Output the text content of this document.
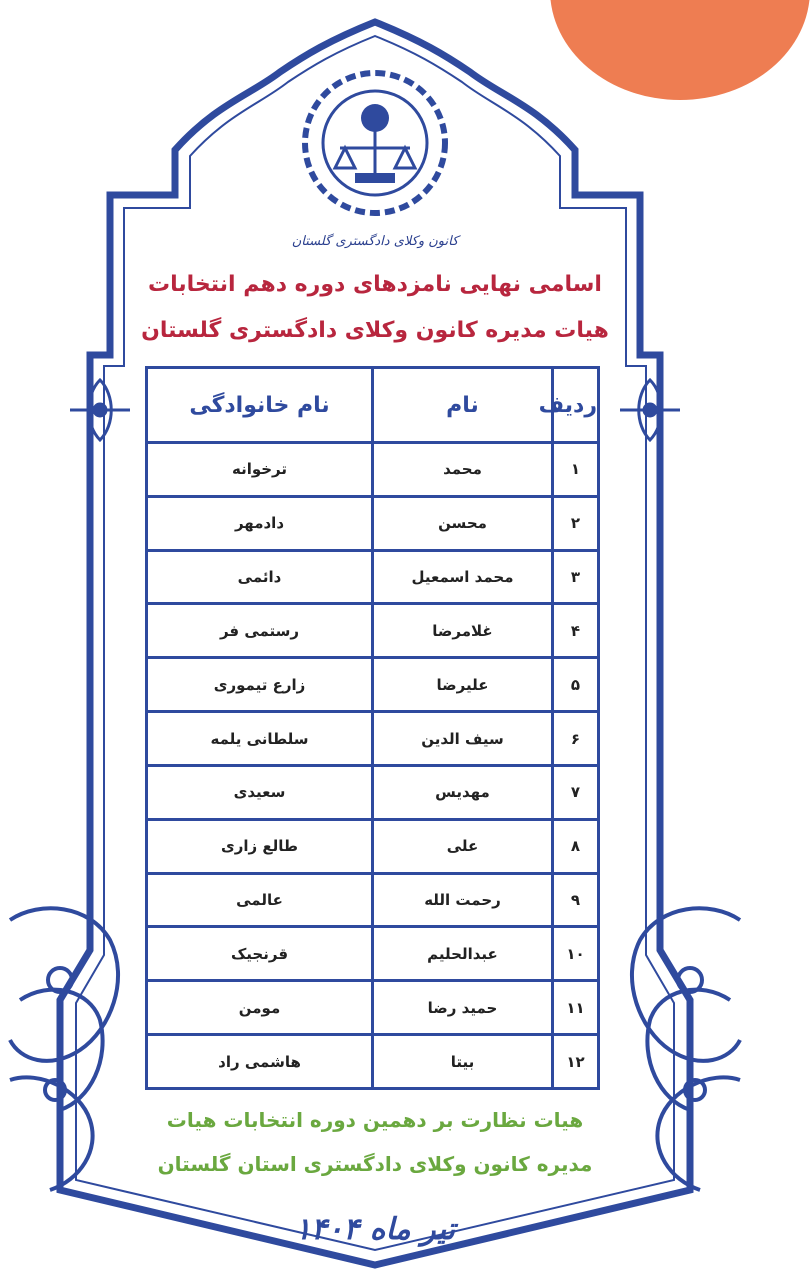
کانون وکلای دادگستری گلستان
اسامی نهایی نامزدهای دوره دهم انتخابات
هیات مدیره کانون وکلای دادگستری گلستان
ردیف	نام	نام خانوادگی
۱	محمد	ترخوانه
۲	محسن	دادمهر
۳	محمد اسمعیل	دائمی
۴	غلامرضا	رستمی فر
۵	علیرضا	زارع تیموری
۶	سیف الدین	سلطانی یلمه
۷	مهدیس	سعیدی
۸	علی	طالع زاری
۹	رحمت الله	عالمی
۱۰	عبدالحلیم	قرنجیک
۱۱	حمید رضا	مومن
۱۲	بیتا	هاشمی راد
هیات نظارت بر دهمین دوره انتخابات هیات
مدیره کانون وکلای دادگستری استان گلستان
تیر ماه ۱۴۰۴
